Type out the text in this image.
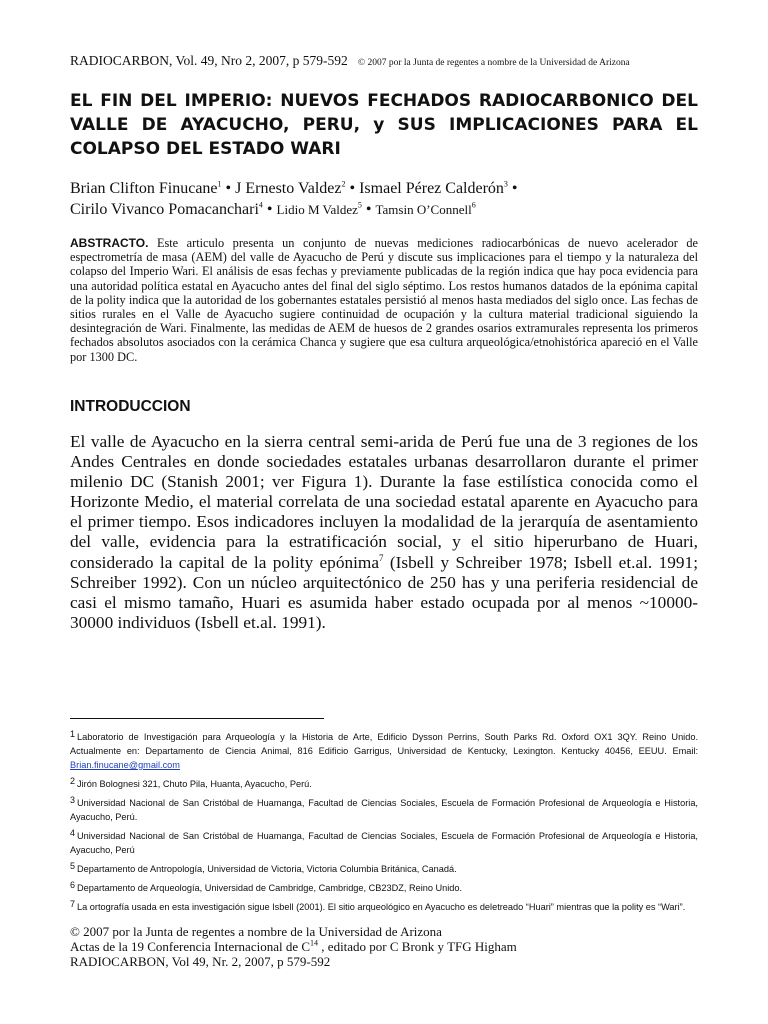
RADIOCARBON, Vol. 49, Nro 2, 2007, p 579-592 © 2007 por la Junta de regentes a nombre de la Universidad de Arizona
EL FIN DEL IMPERIO: NUEVOS FECHADOS RADIOCARBONICO DEL VALLE DE AYACUCHO, PERU, y SUS IMPLICACIONES PARA EL COLAPSO DEL ESTADO WARI
Brian Clifton Finucane$^1$ • J Ernesto Valdez$^2$ • Ismael Pérez Calderón$^3$ •
Cirilo Vivanco Pomacanchari$^4$ • Lidio M Valdez$^5$ • Tamsin O’Connell$^6$

ABSTRACTO. Este articulo presenta un conjunto de nuevas mediciones radiocarbónicas de nuevo acelerador de espectrometría de masa (AEM) del valle de Ayacucho de Perú y discute sus implicaciones para el tiempo y la naturaleza del colapso del Imperio Wari. El análisis de esas fechas y previamente publicadas de la región indica que hay poca evidencia para una autoridad política estatal en Ayacucho antes del final del siglo séptimo. Los restos humanos datados de la epónima capital de la polity indica que la autoridad de los gobernantes estatales persistió al menos hasta mediados del siglo once. Las fechas de sitios rurales en el Valle de Ayacucho sugiere continuidad de ocupación y la cultura material tradicional siguiendo la desintegración de Wari. Finalmente, las medidas de AEM de huesos de 2 grandes osarios extramurales representa los primeros fechados absolutos asociados con la cerámica Chanca y sugiere que esa cultura arqueológica/etnohistórica apareció en el Valle por 1300 DC.

INTRODUCCION

El valle de Ayacucho en la sierra central semi-arida de Perú fue una de 3 regiones de los Andes Centrales en donde sociedades estatales urbanas desarrollaron durante el primer milenio DC (Stanish 2001; ver Figura 1). Durante la fase estilística conocida como el Horizonte Medio, el material correlata de una sociedad estatal aparente en Ayacucho para el primer tiempo. Esos indicadores incluyen la modalidad de la jerarquía de asentamiento del valle, evidencia para la estratificación social, y el sitio hiperurbano de Huari, considerado la capital de la polity epónima$^7$ (Isbell y Schreiber 1978; Isbell et.al. 1991; Schreiber 1992). Con un núcleo arquitectónico de 250 has y una periferia residencial de casi el mismo tamaño, Huari es asumida haber estado ocupada por al menos ~10000-30000 individuos (Isbell et.al. 1991).

1 Laboratorio de Investigación para Arqueología y la Historia de Arte, Edificio Dysson Perrins, South Parks Rd. Oxford OX1 3QY. Reino Unido. Actualmente en: Departamento de Ciencia Animal, 816 Edificio Garrigus, Universidad de Kentucky, Lexington. Kentucky 40456, EEUU. Email: Brian.finucane@gmail.com

2 Jirón Bolognesi 321, Chuto Pila, Huanta, Ayacucho, Perú.

3 Universidad Nacional de San Cristóbal de Huamanga, Facultad de Ciencias Sociales, Escuela de Formación Profesional de Arqueología e Historia, Ayacucho, Perú.

4 Universidad Nacional de San Cristóbal de Huamanga, Facultad de Ciencias Sociales, Escuela de Formación Profesional de Arqueología e Historia, Ayacucho, Perú

5 Departamento de Antropología, Universidad de Victoria, Victoria Columbia Británica, Canadá.

6 Departamento de Arqueología, Universidad de Cambridge, Cambridge, CB23DZ, Reino Unido.

7 La ortografía usada en esta investigación sigue Isbell (2001). El sitio arqueológico en Ayacucho es deletreado “Huari” mientras que la polity es “Wari”.

© 2007 por la Junta de regentes a nombre de la Universidad de Arizona
Actas de la 19 Conferencia Internacional de $C^{14}$ , editado por C Bronk y TFG Higham
RADIOCARBON, Vol 49, Nr. 2, 2007, p 579-592
